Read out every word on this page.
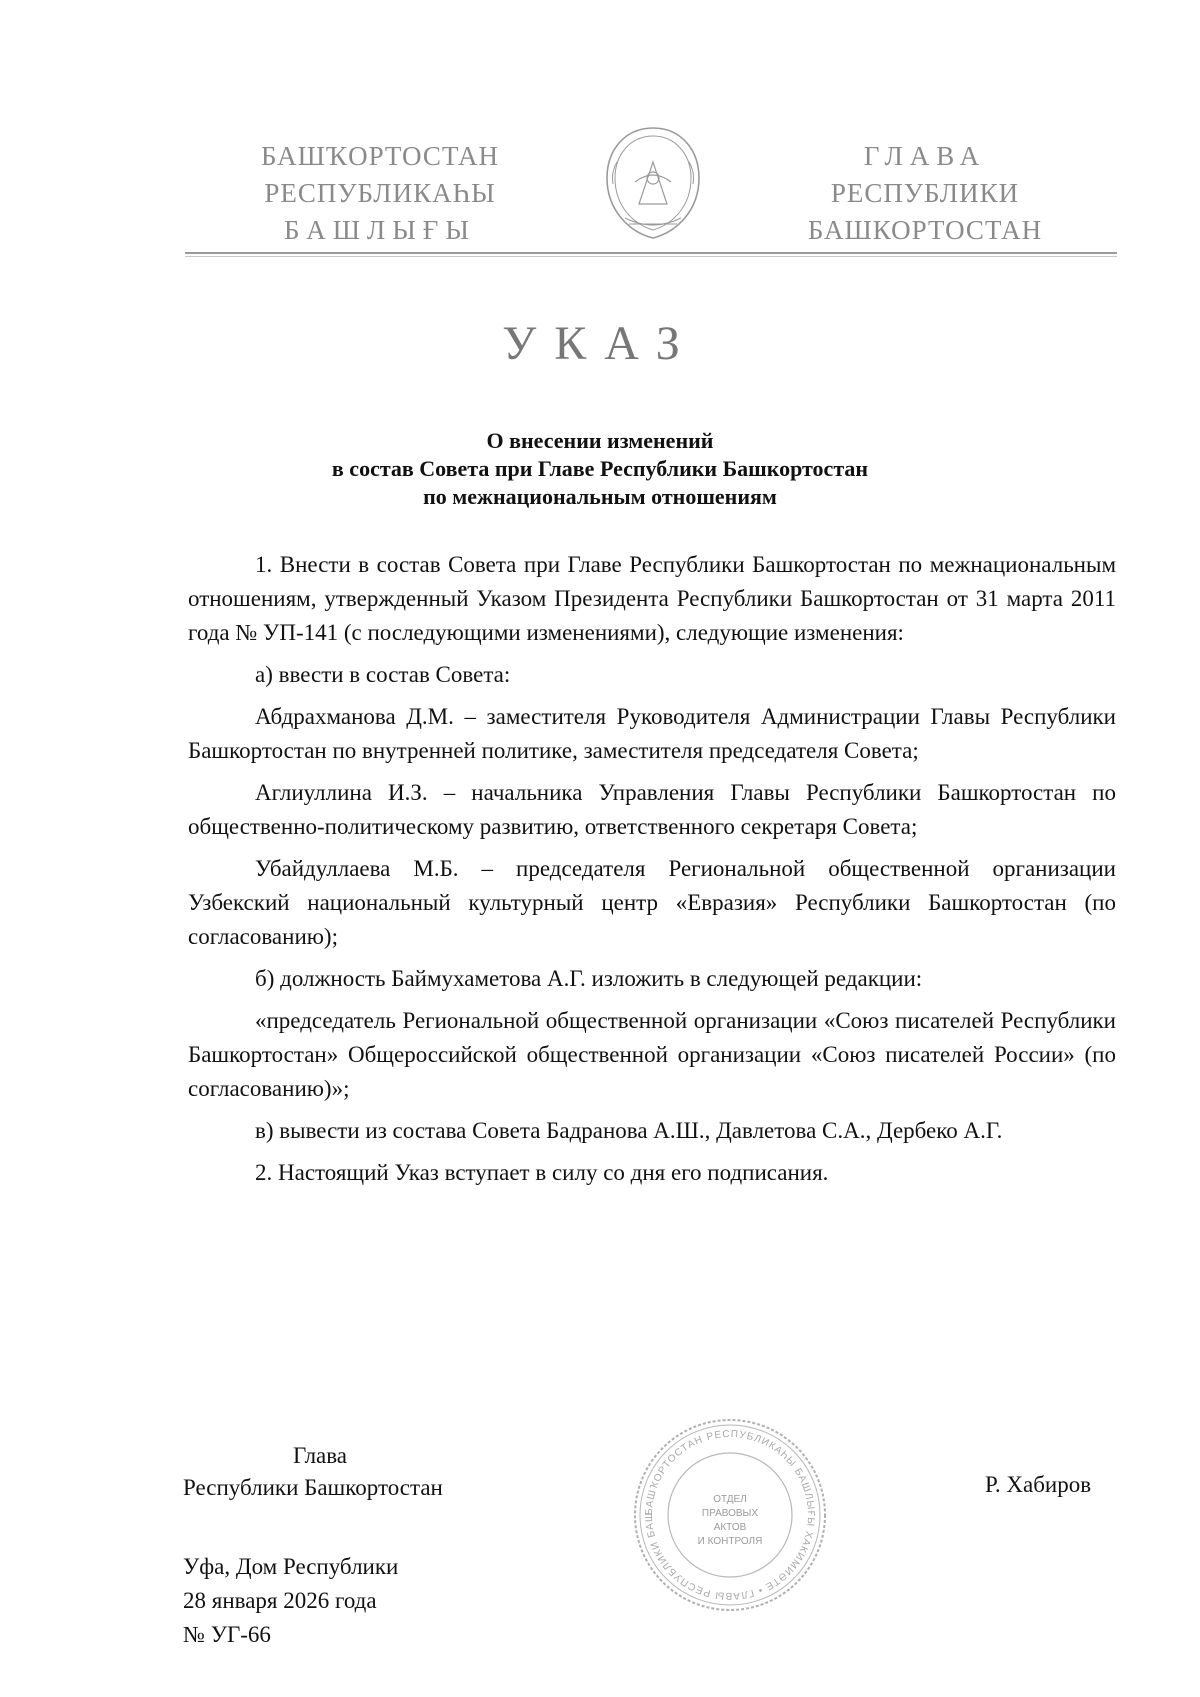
БАШҠОРТОСТАН
РЕСПУБЛИКАҺЫ
БАШЛЫҒЫ
ГЛАВА
РЕСПУБЛИКИ
БАШКОРТОСТАН
УКАЗ
О внесении изменений
в состав Совета при Главе Республики Башкортостан
по межнациональным отношениям

1. Внести в состав Совета при Главе Республики Башкортостан по межнациональным отношениям, утвержденный Указом Президента Республики Башкортостан от 31 марта 2011 года № УП-141 (с последующими изменениями), следующие изменения:

а) ввести в состав Совета:

Абдрахманова Д.М. – заместителя Руководителя Администрации Главы Республики Башкортостан по внутренней политике, заместителя председателя Совета;

Аглиуллина И.З. – начальника Управления Главы Республики Башкортостан по общественно-политическому развитию, ответственного секретаря Совета;

Убайдуллаева М.Б. – председателя Региональной общественной организации Узбекский национальный культурный центр «Евразия» Республики Башкортостан (по согласованию);

б) должность Баймухаметова А.Г. изложить в следующей редакции:

«председатель Региональной общественной организации «Союз писателей Республики Башкортостан» Общероссийской общественной организации «Союз писателей России» (по согласованию)»;

в) вывести из состава Совета Бадранова А.Ш., Давлетова С.А., Дербеко А.Г.

2. Настоящий Указ вступает в силу со дня его подписания.

Глава
Республики Башкортостан
БАШҠОРТОСТАН РЕСПУБЛИКАҺЫ БАШЛЫҒЫ ХАКИМИӘТЕ • ГЛАВЫ РЕСПУБЛИКИ БАШ
ОТДЕЛ
ПРАВОВЫХ АКТОВ
И КОНТРОЛЯ
Р. Хабиров
Уфа, Дом Республики
28 января 2026 года
№ УГ-66
